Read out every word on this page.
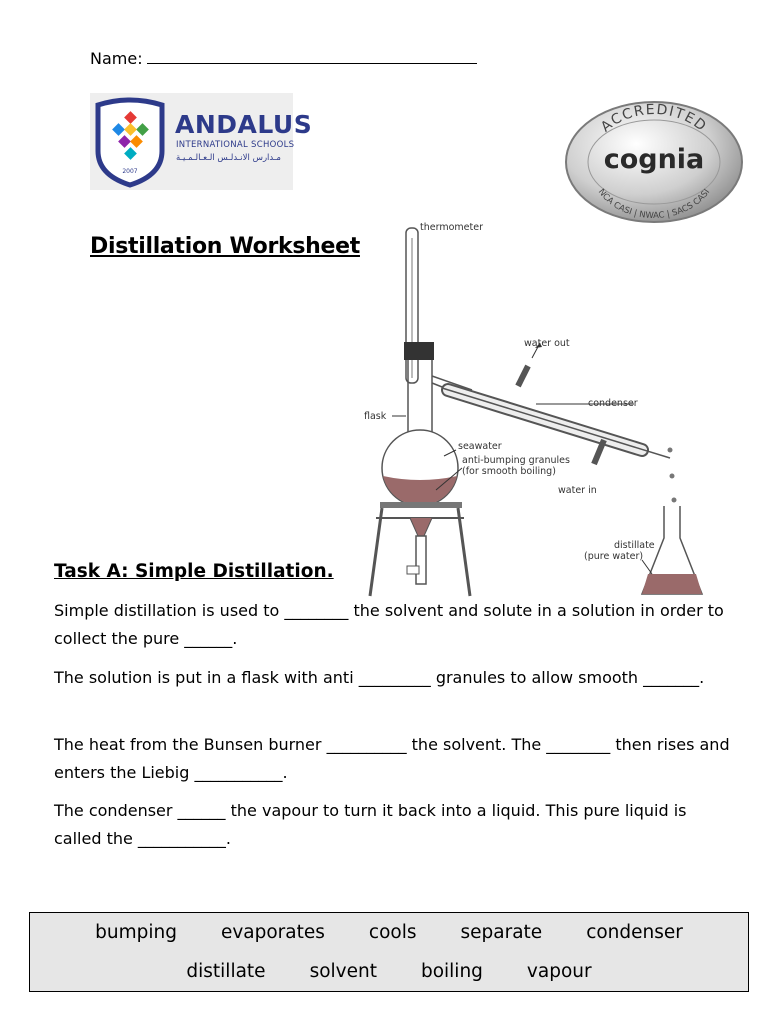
Name:
2007
ANDALUS
INTERNATIONAL SCHOOLS
مـدارس الانـدلـس الـعـالـمـيـة
ACCREDITED
cognia
NCA CASI | NWAC | SACS CASI
Distillation Worksheet
thermometer
water out
condenser
flask
seawater
anti-bumping granules
(for smooth boiling)
water in
distillate
(pure water)
Task A: Simple Distillation.
Simple distillation is used to ________ the solvent and solute in a solution in order to collect the pure ______.
The solution is put in a flask with anti _________ granules to allow smooth _______.
The heat from the Bunsen burner __________ the solvent. The ________ then rises and enters the Liebig ___________.
The condenser ______ the vapour to turn it back into a liquid. This pure liquid is called the ___________.
bumping evaporates cools separate condenser
distillate solvent boiling vapour
